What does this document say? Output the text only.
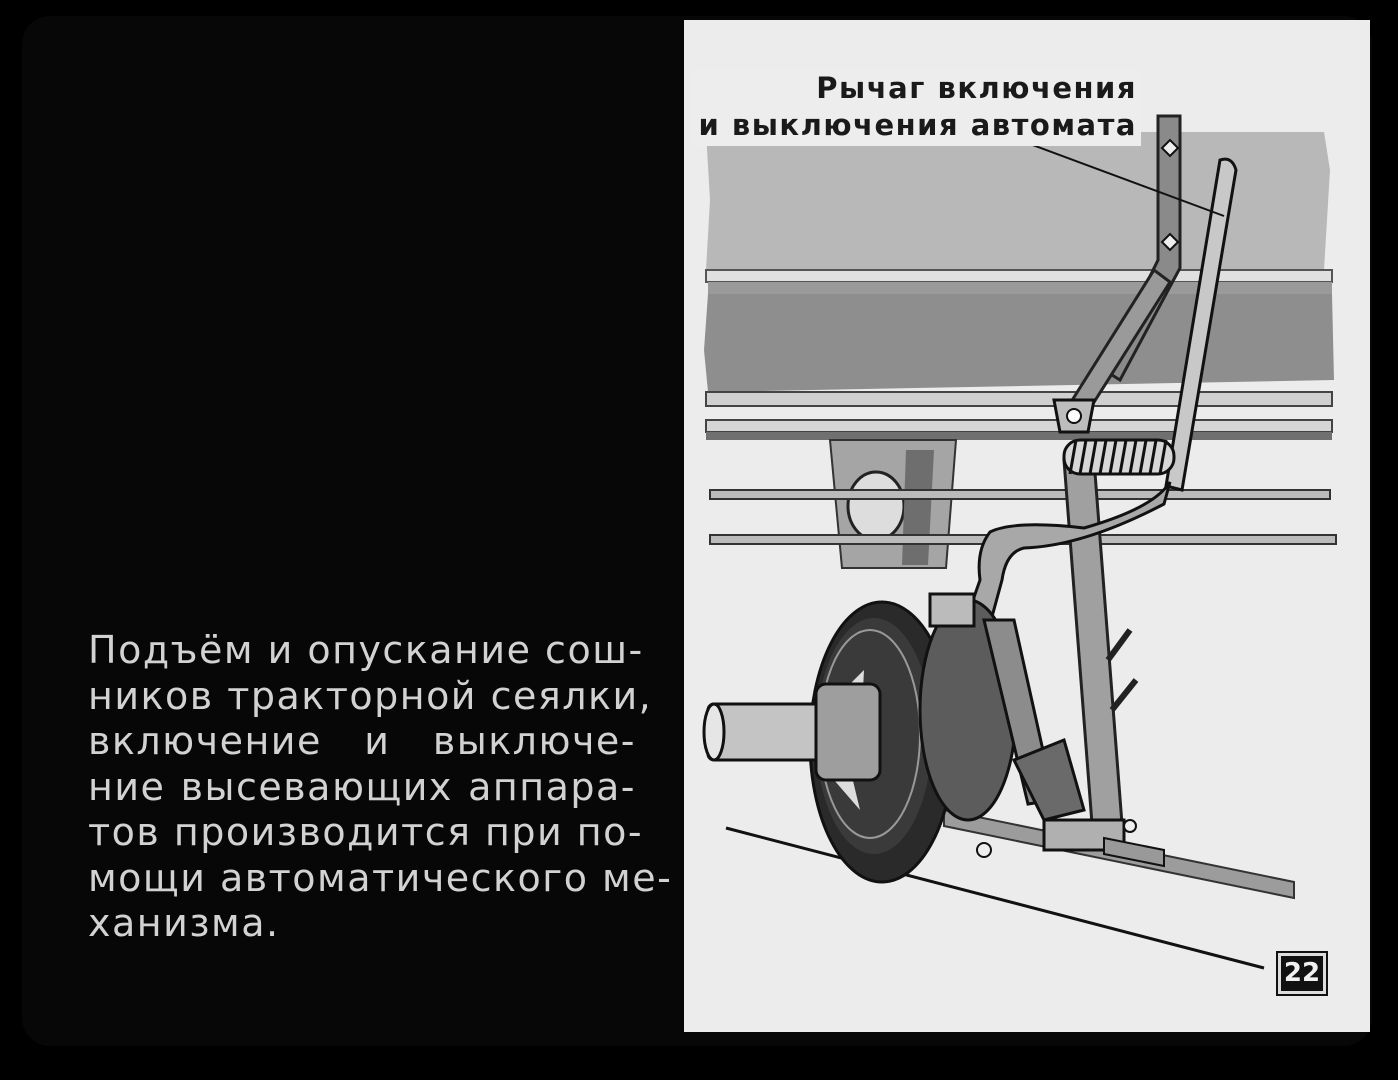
Подъём и опускание сош-
ников тракторной сеялки,
включение и выключе-
ние высевающих аппара-
тов производится при по-
мощи автоматического ме-
ханизма.
Рычаг включения
и выключения автомата
22
